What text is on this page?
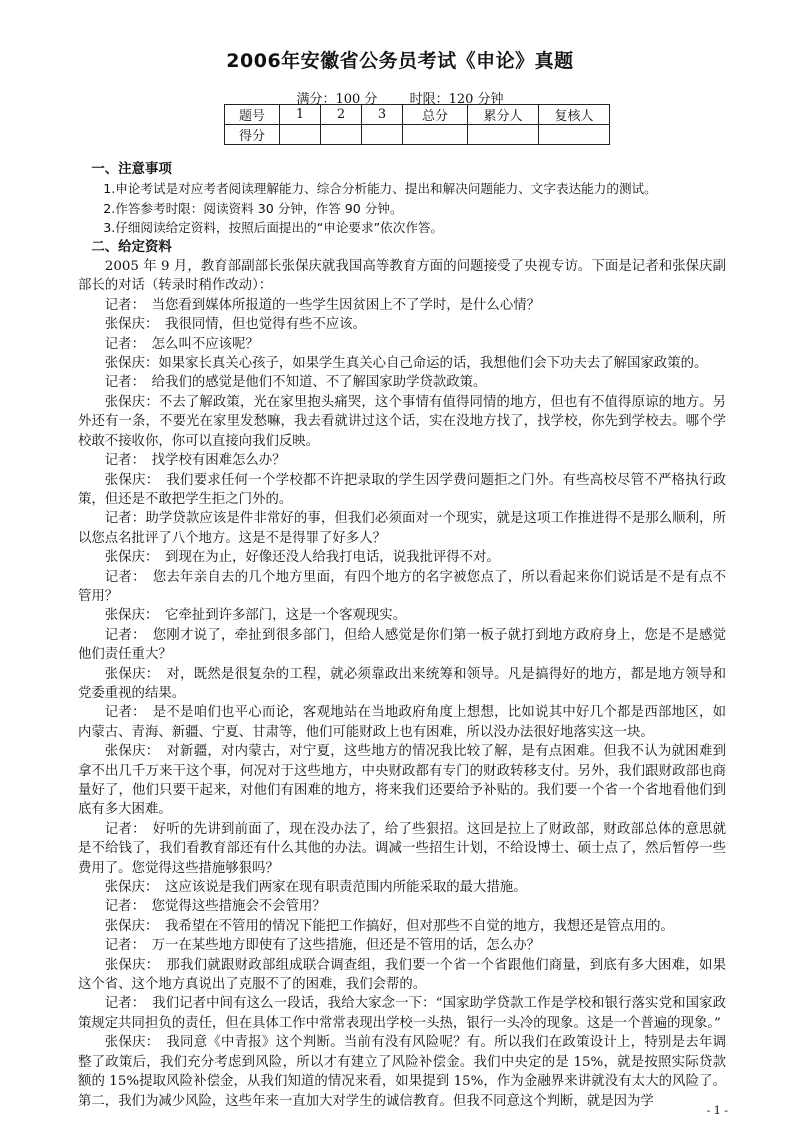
2006年安徽省公务员考试《申论》真题
满分：100 分 时限：120 分钟
题号	1	2	3	总分	累分人	复核人
得分						
一、注意事项

1.申论考试是对应考者阅读理解能力、综合分析能力、提出和解决问题能力、文字表达能力的测试。

2.作答参考时限：阅读资料 30 分钟，作答 90 分钟。

3.仔细阅读给定资料，按照后面提出的“申论要求”依次作答。

二、给定资料

2005 年 9 月，教育部副部长张保庆就我国高等教育方面的问题接受了央视专访。下面是记者和张保庆副部长的对话（转录时稍作改动）：

记者：　当您看到媒体所报道的一些学生因贫困上不了学时，是什么心情？

张保庆：　我很同情，但也觉得有些不应该。

记者：　怎么叫不应该呢？

张保庆：如果家长真关心孩子，如果学生真关心自己命运的话，我想他们会下功夫去了解国家政策的。

记者：　给我们的感觉是他们不知道、不了解国家助学贷款政策。

张保庆：不去了解政策，光在家里抱头痛哭，这个事情有值得同情的地方，但也有不值得原谅的地方。另外还有一条，不要光在家里发愁嘛，我去看就讲过这个话，实在没地方找了，找学校，你先到学校去。哪个学校敢不接收你，你可以直接向我们反映。

记者：　找学校有困难怎么办？

张保庆：　我们要求任何一个学校都不许把录取的学生因学费问题拒之门外。有些高校尽管不严格执行政策，但还是不敢把学生拒之门外的。

记者：助学贷款应该是件非常好的事，但我们必须面对一个现实，就是这项工作推进得不是那么顺利，所以您点名批评了八个地方。这是不是得罪了好多人？

张保庆：　到现在为止，好像还没人给我打电话，说我批评得不对。

记者：　您去年亲自去的几个地方里面，有四个地方的名字被您点了，所以看起来你们说话是不是有点不管用？

张保庆：　它牵扯到许多部门，这是一个客观现实。

记者：　您刚才说了，牵扯到很多部门，但给人感觉是你们第一板子就打到地方政府身上，您是不是感觉他们责任重大？

张保庆：　对，既然是很复杂的工程，就必须靠政出来统筹和领导。凡是搞得好的地方，都是地方领导和党委重视的结果。

记者：　是不是咱们也平心而论，客观地站在当地政府角度上想想，比如说其中好几个都是西部地区，如内蒙古、青海、新疆、宁夏、甘肃等，他们可能财政上也有困难，所以没办法很好地落实这一块。

张保庆：　对新疆，对内蒙古，对宁夏，这些地方的情况我比较了解，是有点困难。但我不认为就困难到拿不出几千万来干这个事，何况对于这些地方，中央财政都有专门的财政转移支付。另外，我们跟财政部也商量好了，他们只要干起来，对他们有困难的地方，将来我们还要给予补贴的。我们要一个省一个省地看他们到底有多大困难。

记者：　好听的先讲到前面了，现在没办法了，给了些狠招。这回是拉上了财政部，财政部总体的意思就是不给钱了，我们看教育部还有什么其他的办法。调减一些招生计划，不给设博士、硕士点了，然后暂停一些费用了。您觉得这些措施够狠吗？

张保庆：　这应该说是我们两家在现有职责范围内所能采取的最大措施。

记者：　您觉得这些措施会不会管用？

张保庆：　我希望在不管用的情况下能把工作搞好，但对那些不自觉的地方，我想还是管点用的。

记者：　万一在某些地方即使有了这些措施，但还是不管用的话，怎么办？

张保庆：　那我们就跟财政部组成联合调查组，我们要一个省一个省跟他们商量，到底有多大困难，如果这个省、这个地方真说出了克服不了的困难，我们会帮的。

记者：　我们记者中间有这么一段话，我给大家念一下：“国家助学贷款工作是学校和银行落实党和国家政策规定共同担负的责任，但在具体工作中常常表现出学校一头热，银行一头冷的现象。这是一个普遍的现象。”

张保庆：　我同意《中青报》这个判断。当前有没有风险呢？有。所以我们在政策设计上，特别是去年调整了政策后，我们充分考虑到风险，所以才有建立了风险补偿金。我们中央定的是 15%，就是按照实际贷款额的 15%提取风险补偿金，从我们知道的情况来看，如果提到 15%，作为金融界来讲就没有太大的风险了。第二，我们为减少风险，这些年来一直加大对学生的诚信教育。但我不同意这个判断，就是因为学

- 1 -
